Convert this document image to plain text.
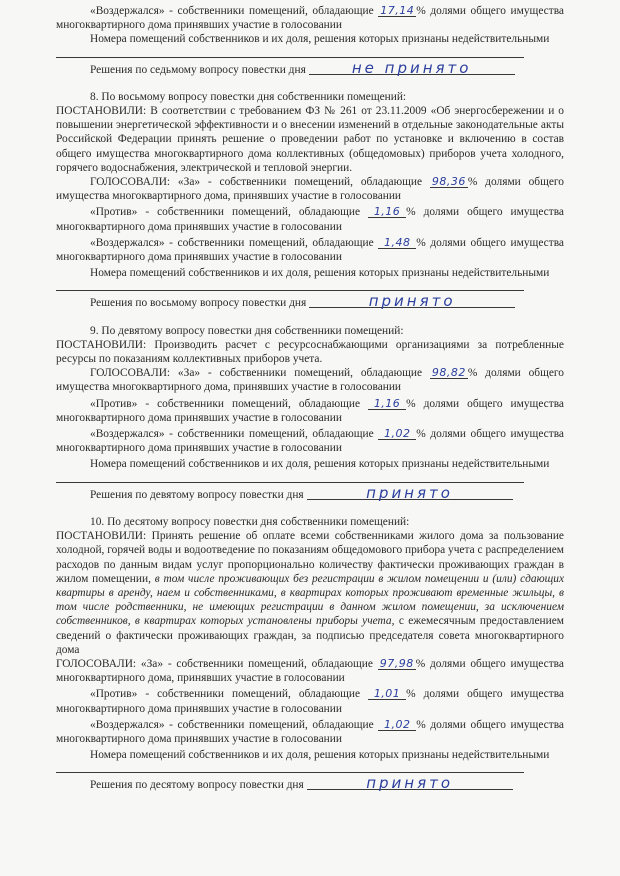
«Воздержался» - собственники помещений, обладающие 17,14 % долями общего имущества многоквартирного дома принявших участие в голосовании

Номера помещений собственников и их доля, решения которых признаны недействительными

Решения по седьмому вопросу повестки дня	не принято

8. По восьмому вопросу повестки дня собственники помещений:

ПОСТАНОВИЛИ: В соответствии с требованием ФЗ № 261 от 23.11.2009 «Об энергосбережении и о повышении энергетической эффективности и о внесении изменений в отдельные законодательные акты Российской Федерации принять решение о проведении работ по установке и включению в состав общего имущества многоквартирного дома коллективных (общедомовых) приборов учета холодного, горячего водоснабжения, электрической и тепловой энергии.

ГОЛОСОВАЛИ: «За» - собственники помещений, обладающие 98,36 % долями общего имущества многоквартирного дома, принявших участие в голосовании

«Против» - собственники помещений, обладающие 1,16 % долями общего имущества многоквартирного дома принявших участие в голосовании

«Воздержался» - собственники помещений, обладающие 1,48 % долями общего имущества многоквартирного дома принявших участие в голосовании

Номера помещений собственников и их доля, решения которых признаны недействительными

Решения по восьмому вопросу повестки дня	принято

9. По девятому вопросу повестки дня собственники помещений:

ПОСТАНОВИЛИ: Производить расчет с ресурсоснабжающими организациями за потребленные ресурсы по показаниям коллективных приборов учета.

ГОЛОСОВАЛИ: «За» - собственники помещений, обладающие 98,82 % долями общего имущества многоквартирного дома, принявших участие в голосовании

«Против» - собственники помещений, обладающие 1,16 % долями общего имущества многоквартирного дома принявших участие в голосовании

«Воздержался» - собственники помещений, обладающие 1,02 % долями общего имущества многоквартирного дома принявших участие в голосовании

Номера помещений собственников и их доля, решения которых признаны недействительными

Решения по девятому вопросу повестки дня	принято

10. По десятому вопросу повестки дня собственники помещений:

ПОСТАНОВИЛИ: Принять решение об оплате всеми собственниками жилого дома за пользование холодной, горячей воды и водоотведение по показаниям общедомового прибора учета с распределением расходов по данным видам услуг пропорционально количеству фактически проживающих граждан в жилом помещении, в том числе проживающих без регистрации в жилом помещении и (или) сдающих квартиры в аренду, наем и собственниками, в квартирах которых проживают временные жильцы, в том числе родственники, не имеющих регистрации в данном жилом помещении, за исключением собственников, в квартирах которых установлены приборы учета, с ежемесячным предоставлением сведений о фактически проживающих граждан, за подписью председателя совета многоквартирного дома

ГОЛОСОВАЛИ: «За» - собственники помещений, обладающие 97,98 % долями общего имущества многоквартирного дома, принявших участие в голосовании

«Против» - собственники помещений, обладающие 1,01 % долями общего имущества многоквартирного дома принявших участие в голосовании

«Воздержался» - собственники помещений, обладающие 1,02 % долями общего имущества многоквартирного дома принявших участие в голосовании

Номера помещений собственников и их доля, решения которых признаны недействительными

Решения по десятому вопросу повестки дня	принято
